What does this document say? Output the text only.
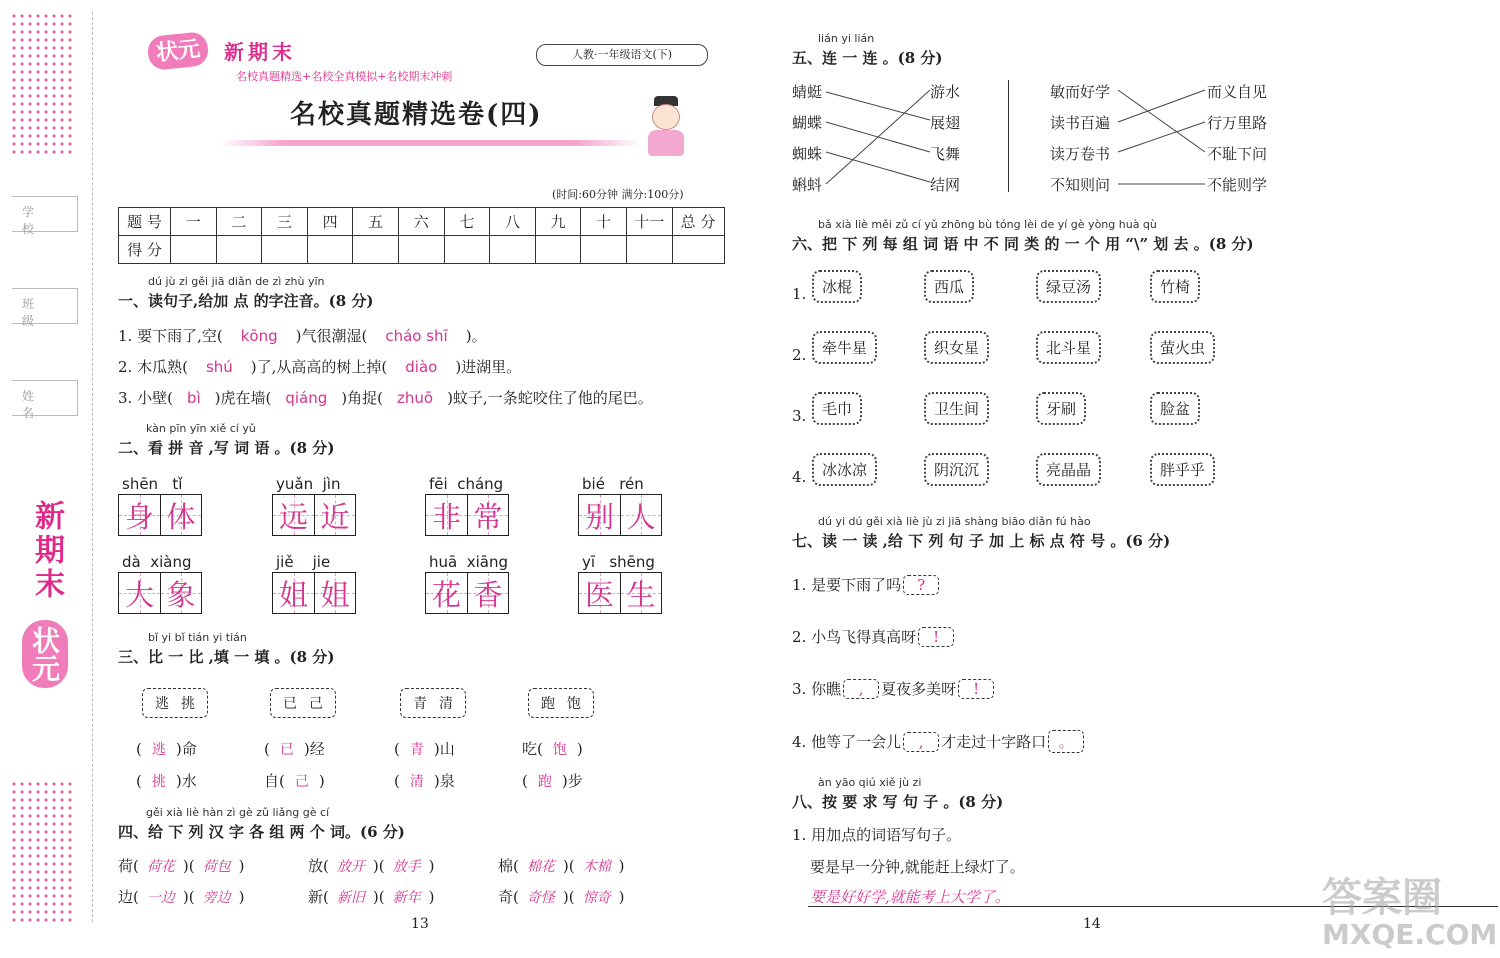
学 校
班 级
姓 名
新期末
状元
状元	新期末
名校真题精选+名校全真模拟+名校期末冲刺
人教·一年级语文(下)
名校真题精选卷(四)
(时间:60分钟 满分:100分)
题 号	一	二	三	四	五	六	七	八	九	十	十一	总 分
得 分												
dú jù zi gěi jiā diǎn de zì zhù yīn
一、读句子,给加 点 的字注音。(8 分)
1. 要下雨了,空( kōng )气很潮湿( cháo shī )。
2. 木瓜熟( shú )了,从高高的树上掉( diào )进湖里。
3. 小壁( bì )虎在墙( qiáng )角捉( zhuō )蚊子,一条蛇咬住了他的尾巴。
kàn pīn yīn xiě cí yǔ
二、看 拼 音 ,写 词 语 。(8 分)
shēn   tǐ
身 体
yuǎn  jìn
远 近
fēi  cháng
非 常
bié   rén
别 人
dà  xiàng
大 象
jiě    jie
姐 姐
huā  xiāng
花 香
yī   shēng
医 生
bǐ yi bǐ tián yi tián
三、比 一 比 ,填 一 填 。(8 分)
逃 挑
( 逃 )命
( 挑 )水
已 己
( 已 )经
自( 己 )
青 清
( 青 )山
( 清 )泉
跑 饱
吃( 饱 )
( 跑 )步
gěi xià liè hàn zì gè zǔ liǎng gè cí
四、给 下 列 汉 字 各 组 两 个 词。(6 分)
荷( 荷花 )( 荷包 )	放( 放开 )( 放手 )	棉( 棉花 )( 木棉 )
边( 一边 )( 旁边 )	新( 新旧 )( 新年 )	奇( 奇怪 )( 惊奇 )
13
lián yi lián
五、连 一 连 。(8 分)
蜻蜓
蝴蝶
蜘蛛
蝌蚪
游水
展翅
飞舞
结网
敏而好学
读书百遍
读万卷书
不知则问
而义自见
行万里路
不耻下问
不能则学
bǎ xià liè měi zǔ cí yǔ zhōng bù tóng lèi de yí gè yòng huà qù
六、把 下 列 每 组 词 语 中 不 同 类 的 一 个 用 “\” 划 去 。(8 分)
1.	冰棍	西瓜	绿豆汤	竹椅
2.	牵牛星	织女星	北斗星	萤火虫
3.	毛巾	卫生间	牙刷	脸盆
4.	冰冰凉	阴沉沉	亮晶晶	胖乎乎
dú yi dú gěi xià liè jù zi jiā shàng biāo diǎn fú hào
七、读 一 读 ,给 下 列 句 子 加 上 标 点 符 号 。(6 分)
1. 是要下雨了吗 ?
2. 小鸟飞得真高呀 !
3. 你瞧 , 夏夜多美呀 !
4. 他等了一会儿 , 才走过十字路口 。
àn yāo qiú xiě jù zi
八、按 要 求 写 句 子 。(8 分)
1. 用加点的词语写句子。
要是早一分钟,就能赶上绿灯了。
要是好好学,就能考上大学了。
14
答案圈
MXQE.COM
